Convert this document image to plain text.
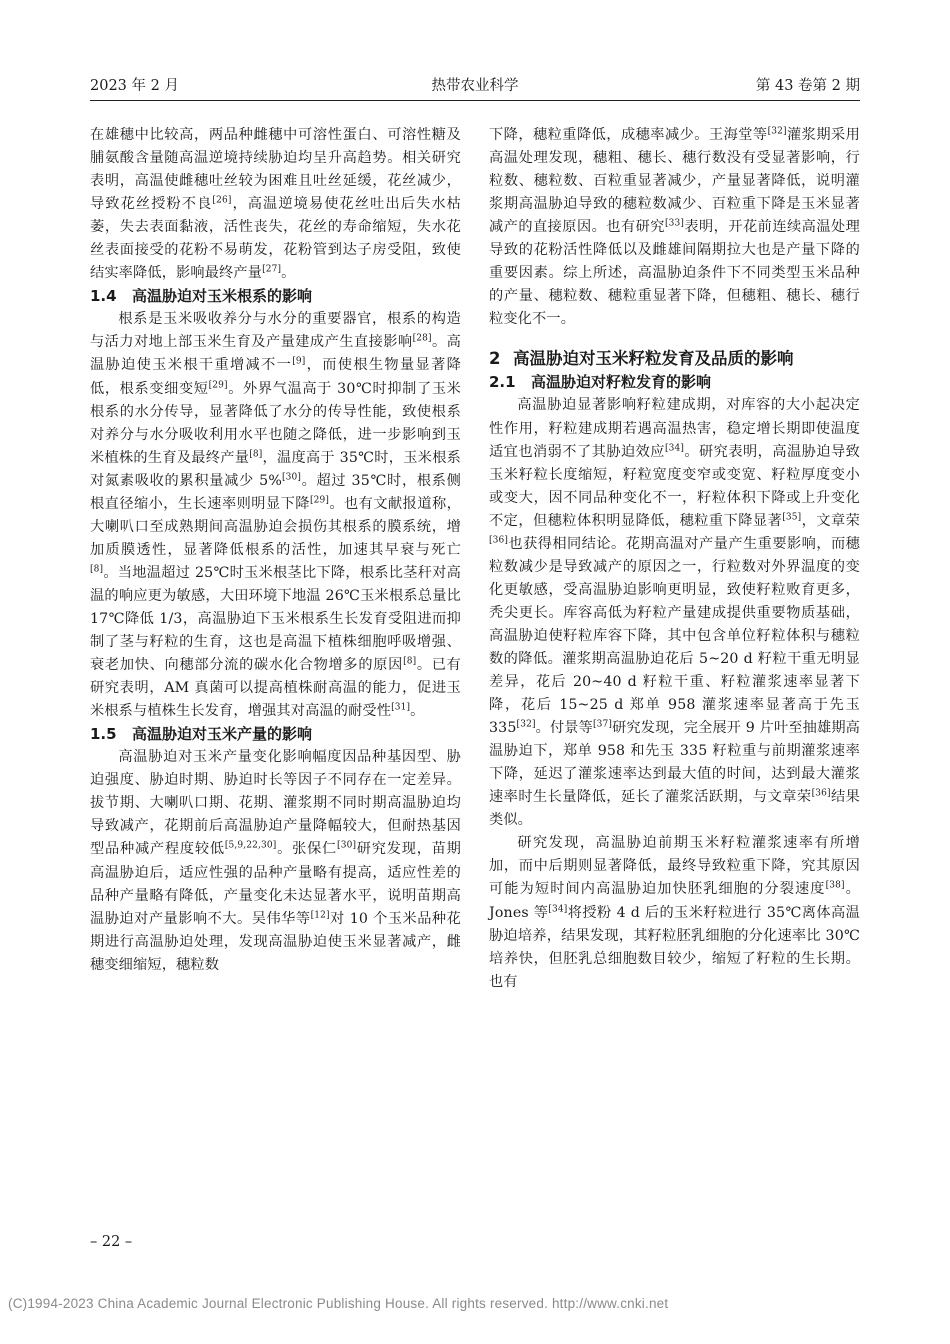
2023 年 2 月	热带农业科学	第 43 卷第 2 期

在雄穗中比较高，两品种雌穗中可溶性蛋白、可溶性糖及脯氨酸含量随高温逆境持续胁迫均呈升高趋势。相关研究表明，高温使雌穗吐丝较为困难且吐丝延缓，花丝减少，导致花丝授粉不良[26]，高温逆境易使花丝吐出后失水枯萎，失去表面黏液，活性丧失，花丝的寿命缩短，失水花丝表面接受的花粉不易萌发，花粉管到达子房受阻，致使结实率降低，影响最终产量[27]。

1.4 高温胁迫对玉米根系的影响

根系是玉米吸收养分与水分的重要器官，根系的构造与活力对地上部玉米生育及产量建成产生直接影响[28]。高温胁迫使玉米根干重增减不一[9]，而使根生物量显著降低，根系变细变短[29]。外界气温高于 30℃时抑制了玉米根系的水分传导，显著降低了水分的传导性能，致使根系对养分与水分吸收利用水平也随之降低，进一步影响到玉米植株的生育及最终产量[8]，温度高于 35℃时，玉米根系对氮素吸收的累积量减少 5%[30]。超过 35℃时，根系侧根直径缩小，生长速率则明显下降[29]。也有文献报道称，大喇叭口至成熟期间高温胁迫会损伤其根系的膜系统，增加质膜透性，显著降低根系的活性，加速其早衰与死亡[8]。当地温超过 25℃时玉米根茎比下降，根系比茎秆对高温的响应更为敏感，大田环境下地温 26℃玉米根系总量比 17℃降低 1/3，高温胁迫下玉米根系生长发育受阻进而抑制了茎与籽粒的生育，这也是高温下植株细胞呼吸增强、衰老加快、向穗部分流的碳水化合物增多的原因[8]。已有研究表明，AM 真菌可以提高植株耐高温的能力，促进玉米根系与植株生长发育，增强其对高温的耐受性[31]。

1.5 高温胁迫对玉米产量的影响

高温胁迫对玉米产量变化影响幅度因品种基因型、胁迫强度、胁迫时期、胁迫时长等因子不同存在一定差异。拔节期、大喇叭口期、花期、灌浆期不同时期高温胁迫均导致减产，花期前后高温胁迫产量降幅较大，但耐热基因型品种减产程度较低[5,9,22,30]。张保仁[30]研究发现，苗期高温胁迫后，适应性强的品种产量略有提高，适应性差的品种产量略有降低，产量变化未达显著水平，说明苗期高温胁迫对产量影响不大。吴伟华等[12]对 10 个玉米品种花期进行高温胁迫处理，发现高温胁迫使玉米显著减产，雌穗变细缩短，穗粒数

下降，穗粒重降低，成穗率减少。王海堂等[32]灌浆期采用高温处理发现，穗粗、穗长、穗行数没有受显著影响，行粒数、穗粒数、百粒重显著减少，产量显著降低，说明灌浆期高温胁迫导致的穗粒数减少、百粒重下降是玉米显著减产的直接原因。也有研究[33]表明，开花前连续高温处理导致的花粉活性降低以及雌雄间隔期拉大也是产量下降的重要因素。综上所述，高温胁迫条件下不同类型玉米品种的产量、穗粒数、穗粒重显著下降，但穗粗、穗长、穗行粒变化不一。

2 高温胁迫对玉米籽粒发育及品质的影响

2.1 高温胁迫对籽粒发育的影响

高温胁迫显著影响籽粒建成期，对库容的大小起决定性作用，籽粒建成期若遇高温热害，稳定增长期即使温度适宜也消弱不了其胁迫效应[34]。研究表明，高温胁迫导致玉米籽粒长度缩短，籽粒宽度变窄或变宽、籽粒厚度变小或变大，因不同品种变化不一，籽粒体积下降或上升变化不定，但穗粒体积明显降低，穗粒重下降显著[35]，文章荣[36]也获得相同结论。花期高温对产量产生重要影响，而穗粒数减少是导致减产的原因之一，行粒数对外界温度的变化更敏感，受高温胁迫影响更明显，致使籽粒败育更多，秃尖更长。库容高低为籽粒产量建成提供重要物质基础，高温胁迫使籽粒库容下降，其中包含单位籽粒体积与穗粒数的降低。灌浆期高温胁迫花后 5~20 d 籽粒干重无明显差异，花后 20~40 d 籽粒干重、籽粒灌浆速率显著下降，花后 15~25 d 郑单 958 灌浆速率显著高于先玉 335[32]。付景等[37]研究发现，完全展开 9 片叶至抽雄期高温胁迫下，郑单 958 和先玉 335 籽粒重与前期灌浆速率下降，延迟了灌浆速率达到最大值的时间，达到最大灌浆速率时生长量降低，延长了灌浆活跃期，与文章荣[36]结果类似。

研究发现，高温胁迫前期玉米籽粒灌浆速率有所增加，而中后期则显著降低，最终导致粒重下降，究其原因可能为短时间内高温胁迫加快胚乳细胞的分裂速度[38]。Jones 等[34]将授粉 4 d 后的玉米籽粒进行 35℃离体高温胁迫培养，结果发现，其籽粒胚乳细胞的分化速率比 30℃培养快，但胚乳总细胞数目较少，缩短了籽粒的生长期。也有

– 22 –
(C)1994-2023 China Academic Journal Electronic Publishing House. All rights reserved. http://www.cnki.net
